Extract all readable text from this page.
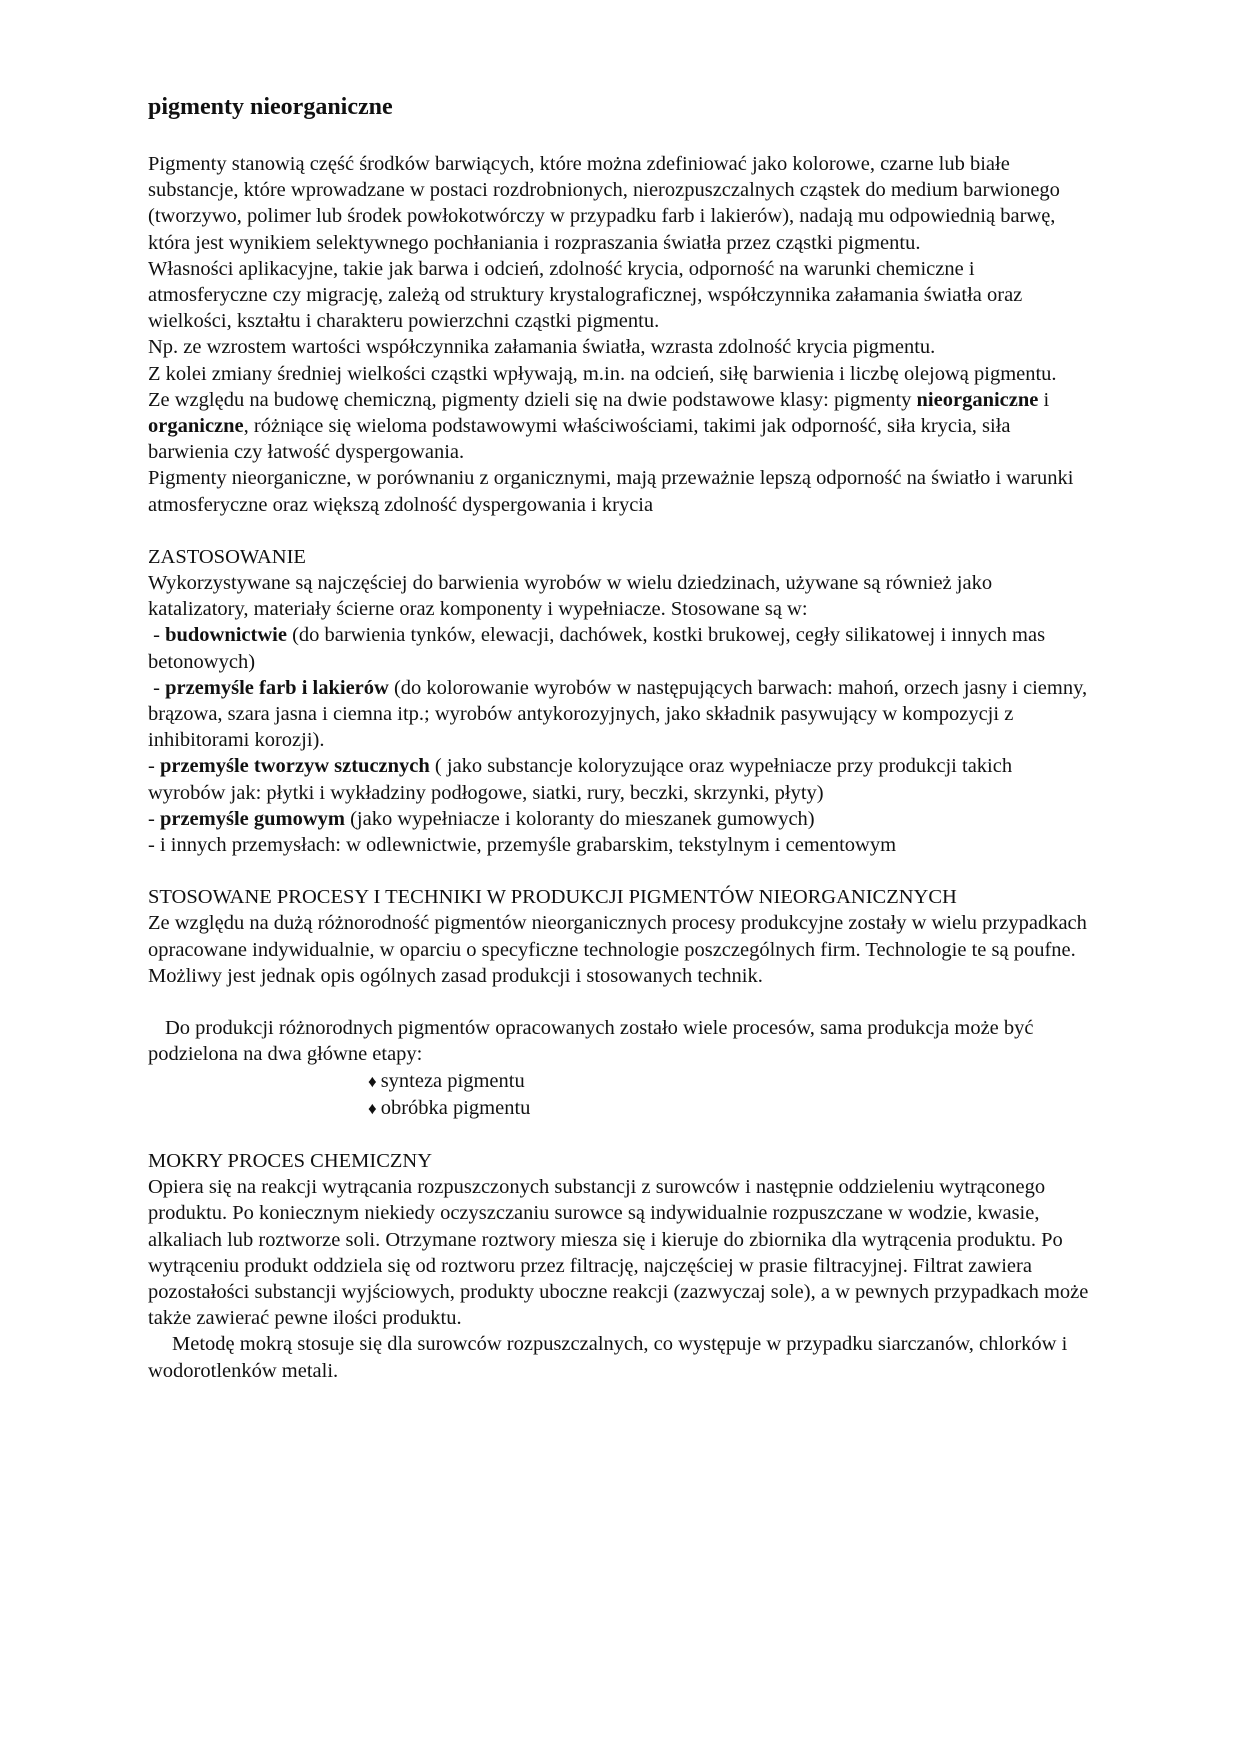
pigmenty nieorganiczne

Pigmenty stanowią część środków barwiących, które można zdefiniować jako kolorowe, czarne lub białe substancje, które wprowadzane w postaci rozdrobnionych, nierozpuszczalnych cząstek do medium barwionego (tworzywo, polimer lub środek powłokotwórczy w przypadku farb i lakierów), nadają mu odpowiednią barwę, która jest wynikiem selektywnego pochłaniania i rozpraszania światła przez cząstki pigmentu.

Własności aplikacyjne, takie jak barwa i odcień, zdolność krycia, odporność na warunki chemiczne i atmosferyczne czy migrację, zależą od struktury krystalograficznej, współczynnika załamania światła oraz wielkości, kształtu i charakteru powierzchni cząstki pigmentu.

Np. ze wzrostem wartości współczynnika załamania światła, wzrasta zdolność krycia pigmentu.

Z kolei zmiany średniej wielkości cząstki wpływają, m.in. na odcień, siłę barwienia i liczbę olejową pigmentu.

Ze względu na budowę chemiczną, pigmenty dzieli się na dwie podstawowe klasy: pigmenty nieorganiczne i organiczne, różniące się wieloma podstawowymi właściwościami, takimi jak odporność, siła krycia, siła barwienia czy łatwość dyspergowania.

Pigmenty nieorganiczne, w porównaniu z organicznymi, mają przeważnie lepszą odporność na światło i warunki atmosferyczne oraz większą zdolność dyspergowania i krycia

ZASTOSOWANIE

Wykorzystywane są najczęściej do barwienia wyrobów w wielu dziedzinach, używane są również jako katalizatory, materiały ścierne oraz komponenty i wypełniacze. Stosowane są w:

- budownictwie (do barwienia tynków, elewacji, dachówek, kostki brukowej, cegły silikatowej i innych mas betonowych)

- przemyśle farb i lakierów (do kolorowanie wyrobów w następujących barwach: mahoń, orzech jasny i ciemny, brązowa, szara jasna i ciemna itp.; wyrobów antykorozyjnych, jako składnik pasywujący w kompozycji z inhibitorami korozji).

- przemyśle tworzyw sztucznych ( jako substancje koloryzujące oraz wypełniacze przy produkcji takich wyrobów jak: płytki i wykładziny podłogowe, siatki, rury, beczki, skrzynki, płyty)

- przemyśle gumowym (jako wypełniacze i koloranty do mieszanek gumowych)

- i innych przemysłach: w odlewnictwie, przemyśle grabarskim, tekstylnym i cementowym

STOSOWANE PROCESY I TECHNIKI W PRODUKCJI PIGMENTÓW NIEORGANICZNYCH

Ze względu na dużą różnorodność pigmentów nieorganicznych procesy produkcyjne zostały w wielu przypadkach opracowane indywidualnie, w oparciu o specyficzne technologie poszczególnych firm. Technologie te są poufne. Możliwy jest jednak opis ogólnych zasad produkcji i stosowanych technik.

Do produkcji różnorodnych pigmentów opracowanych zostało wiele procesów, sama produkcja może być podzielona na dwa główne etapy:

♦ synteza pigmentu
♦ obróbka pigmentu

MOKRY PROCES CHEMICZNY

Opiera się na reakcji wytrącania rozpuszczonych substancji z surowców i następnie oddzieleniu wytrąconego produktu. Po koniecznym niekiedy oczyszczaniu surowce są indywidualnie rozpuszczane w wodzie, kwasie, alkaliach lub roztworze soli. Otrzymane roztwory miesza się i kieruje do zbiornika dla wytrącenia produktu. Po wytrąceniu produkt oddziela się od roztworu przez filtrację, najczęściej w prasie filtracyjnej. Filtrat zawiera pozostałości substancji wyjściowych, produkty uboczne reakcji (zazwyczaj sole), a w pewnych przypadkach może także zawierać pewne ilości produktu.

Metodę mokrą stosuje się dla surowców rozpuszczalnych, co występuje w przypadku siarczanów, chlorków i wodorotlenków metali.
